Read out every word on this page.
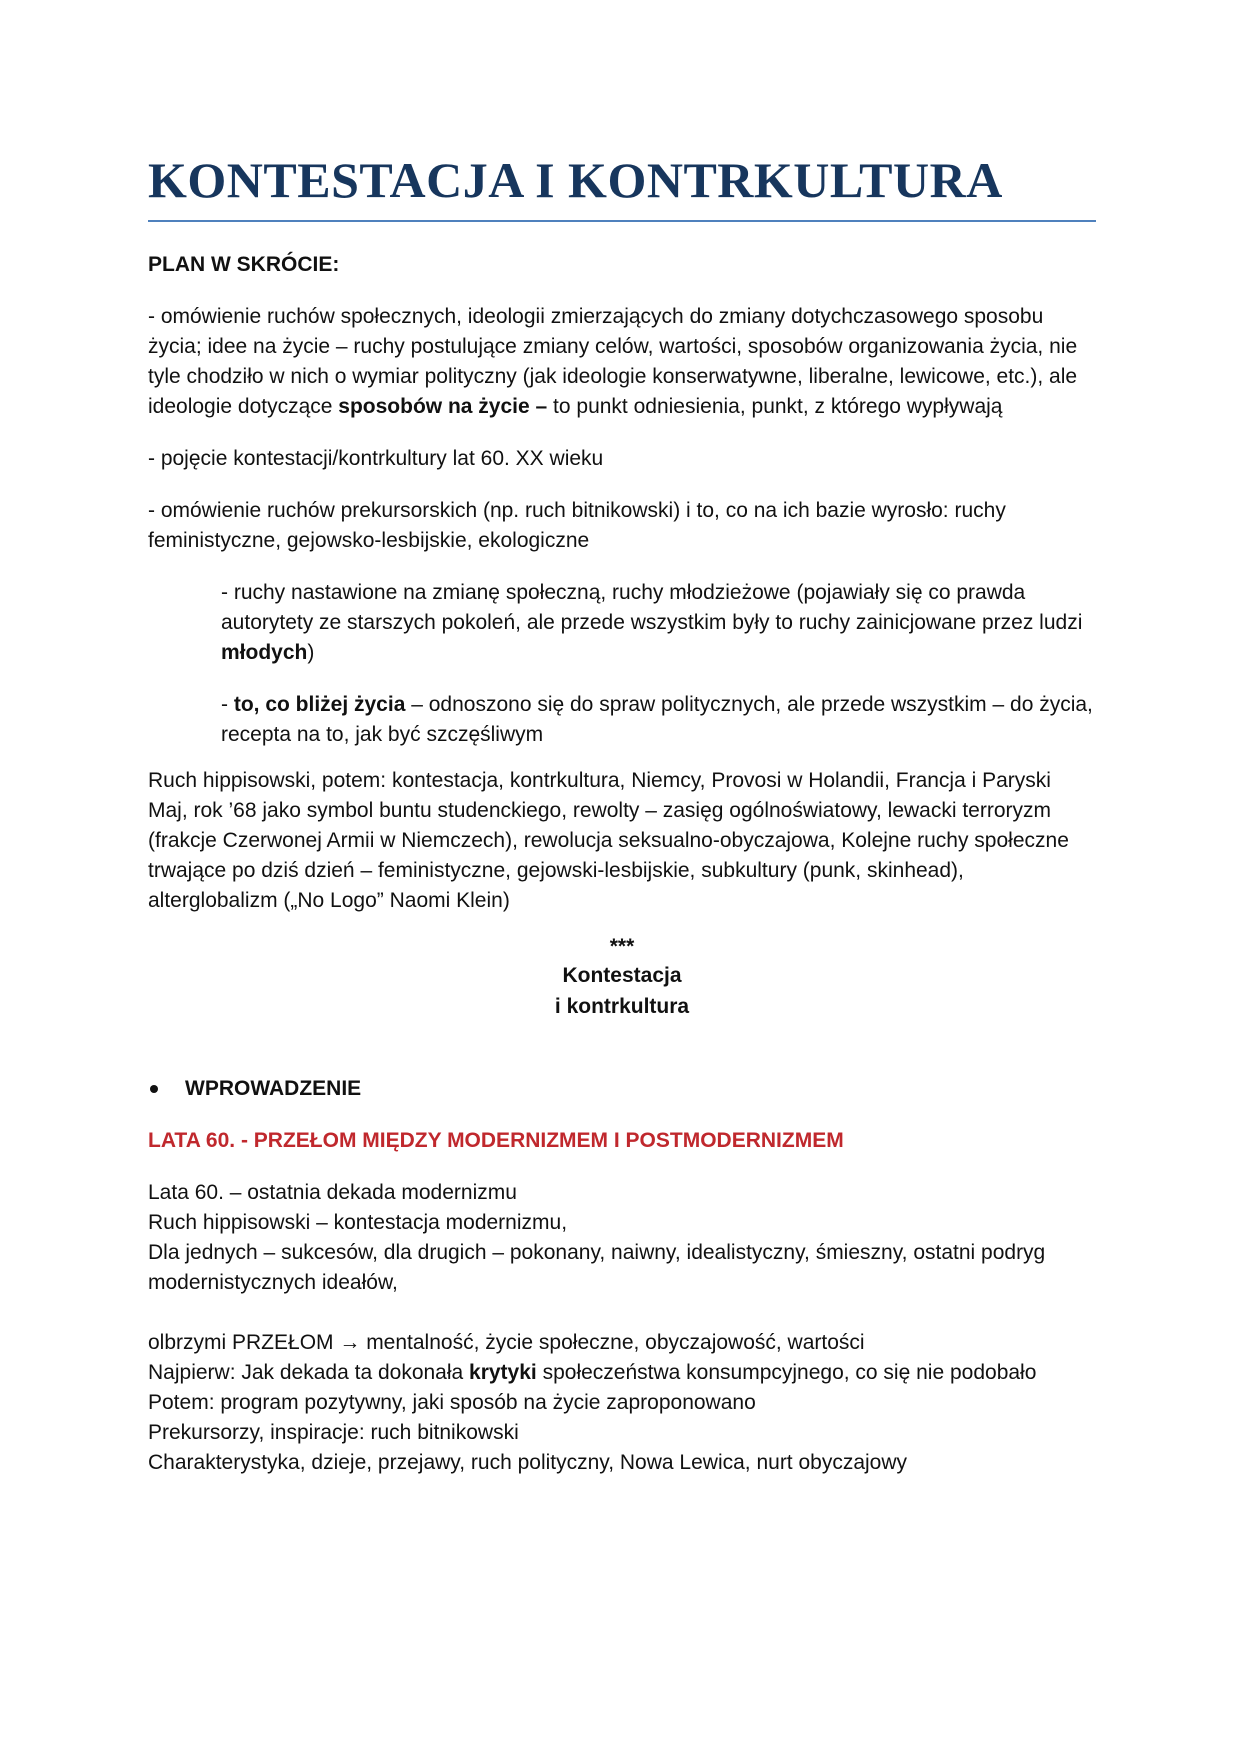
KONTESTACJA I KONTRKULTURA

PLAN W SKRÓCIE:

- omówienie ruchów społecznych, ideologii zmierzających do zmiany dotychczasowego sposobu życia; idee na życie – ruchy postulujące zmiany celów, wartości, sposobów organizowania życia, nie tyle chodziło w nich o wymiar polityczny (jak ideologie konserwatywne, liberalne, lewicowe, etc.), ale ideologie dotyczące sposobów na życie – to punkt odniesienia, punkt, z którego wypływają

- pojęcie kontestacji/kontrkultury lat 60. XX wieku

- omówienie ruchów prekursorskich (np. ruch bitnikowski) i to, co na ich bazie wyrosło: ruchy feministyczne, gejowsko-lesbijskie, ekologiczne

- ruchy nastawione na zmianę społeczną, ruchy młodzieżowe (pojawiały się co prawda autorytety ze starszych pokoleń, ale przede wszystkim były to ruchy zainicjowane przez ludzi młodych)

- to, co bliżej życia – odnoszono się do spraw politycznych, ale przede wszystkim – do życia, recepta na to, jak być szczęśliwym

Ruch hippisowski, potem: kontestacja, kontrkultura, Niemcy, Provosi w Holandii, Francja i Paryski Maj, rok ’68 jako symbol buntu studenckiego, rewolty – zasięg ogólnoświatowy, lewacki terroryzm (frakcje Czerwonej Armii w Niemczech), rewolucja seksualno-obyczajowa, Kolejne ruchy społeczne trwające po dziś dzień – feministyczne, gejowski-lesbijskie, subkultury (punk, skinhead), alterglobalizm („No Logo” Naomi Klein)

***

Kontestacja

i kontrkultura

WPROWADZENIE

LATA 60. - PRZEŁOM MIĘDZY MODERNIZMEM I POSTMODERNIZMEM

Lata 60. – ostatnia dekada modernizmu

Ruch hippisowski – kontestacja modernizmu,

Dla jednych – sukcesów, dla drugich – pokonany, naiwny, idealistyczny, śmieszny, ostatni podryg modernistycznych ideałów,

olbrzymi PRZEŁOM → mentalność, życie społeczne, obyczajowość, wartości

Najpierw: Jak dekada ta dokonała krytyki społeczeństwa konsumpcyjnego, co się nie podobało Potem: program pozytywny, jaki sposób na życie zaproponowano

Prekursorzy, inspiracje: ruch bitnikowski

Charakterystyka, dzieje, przejawy, ruch polityczny, Nowa Lewica, nurt obyczajowy
